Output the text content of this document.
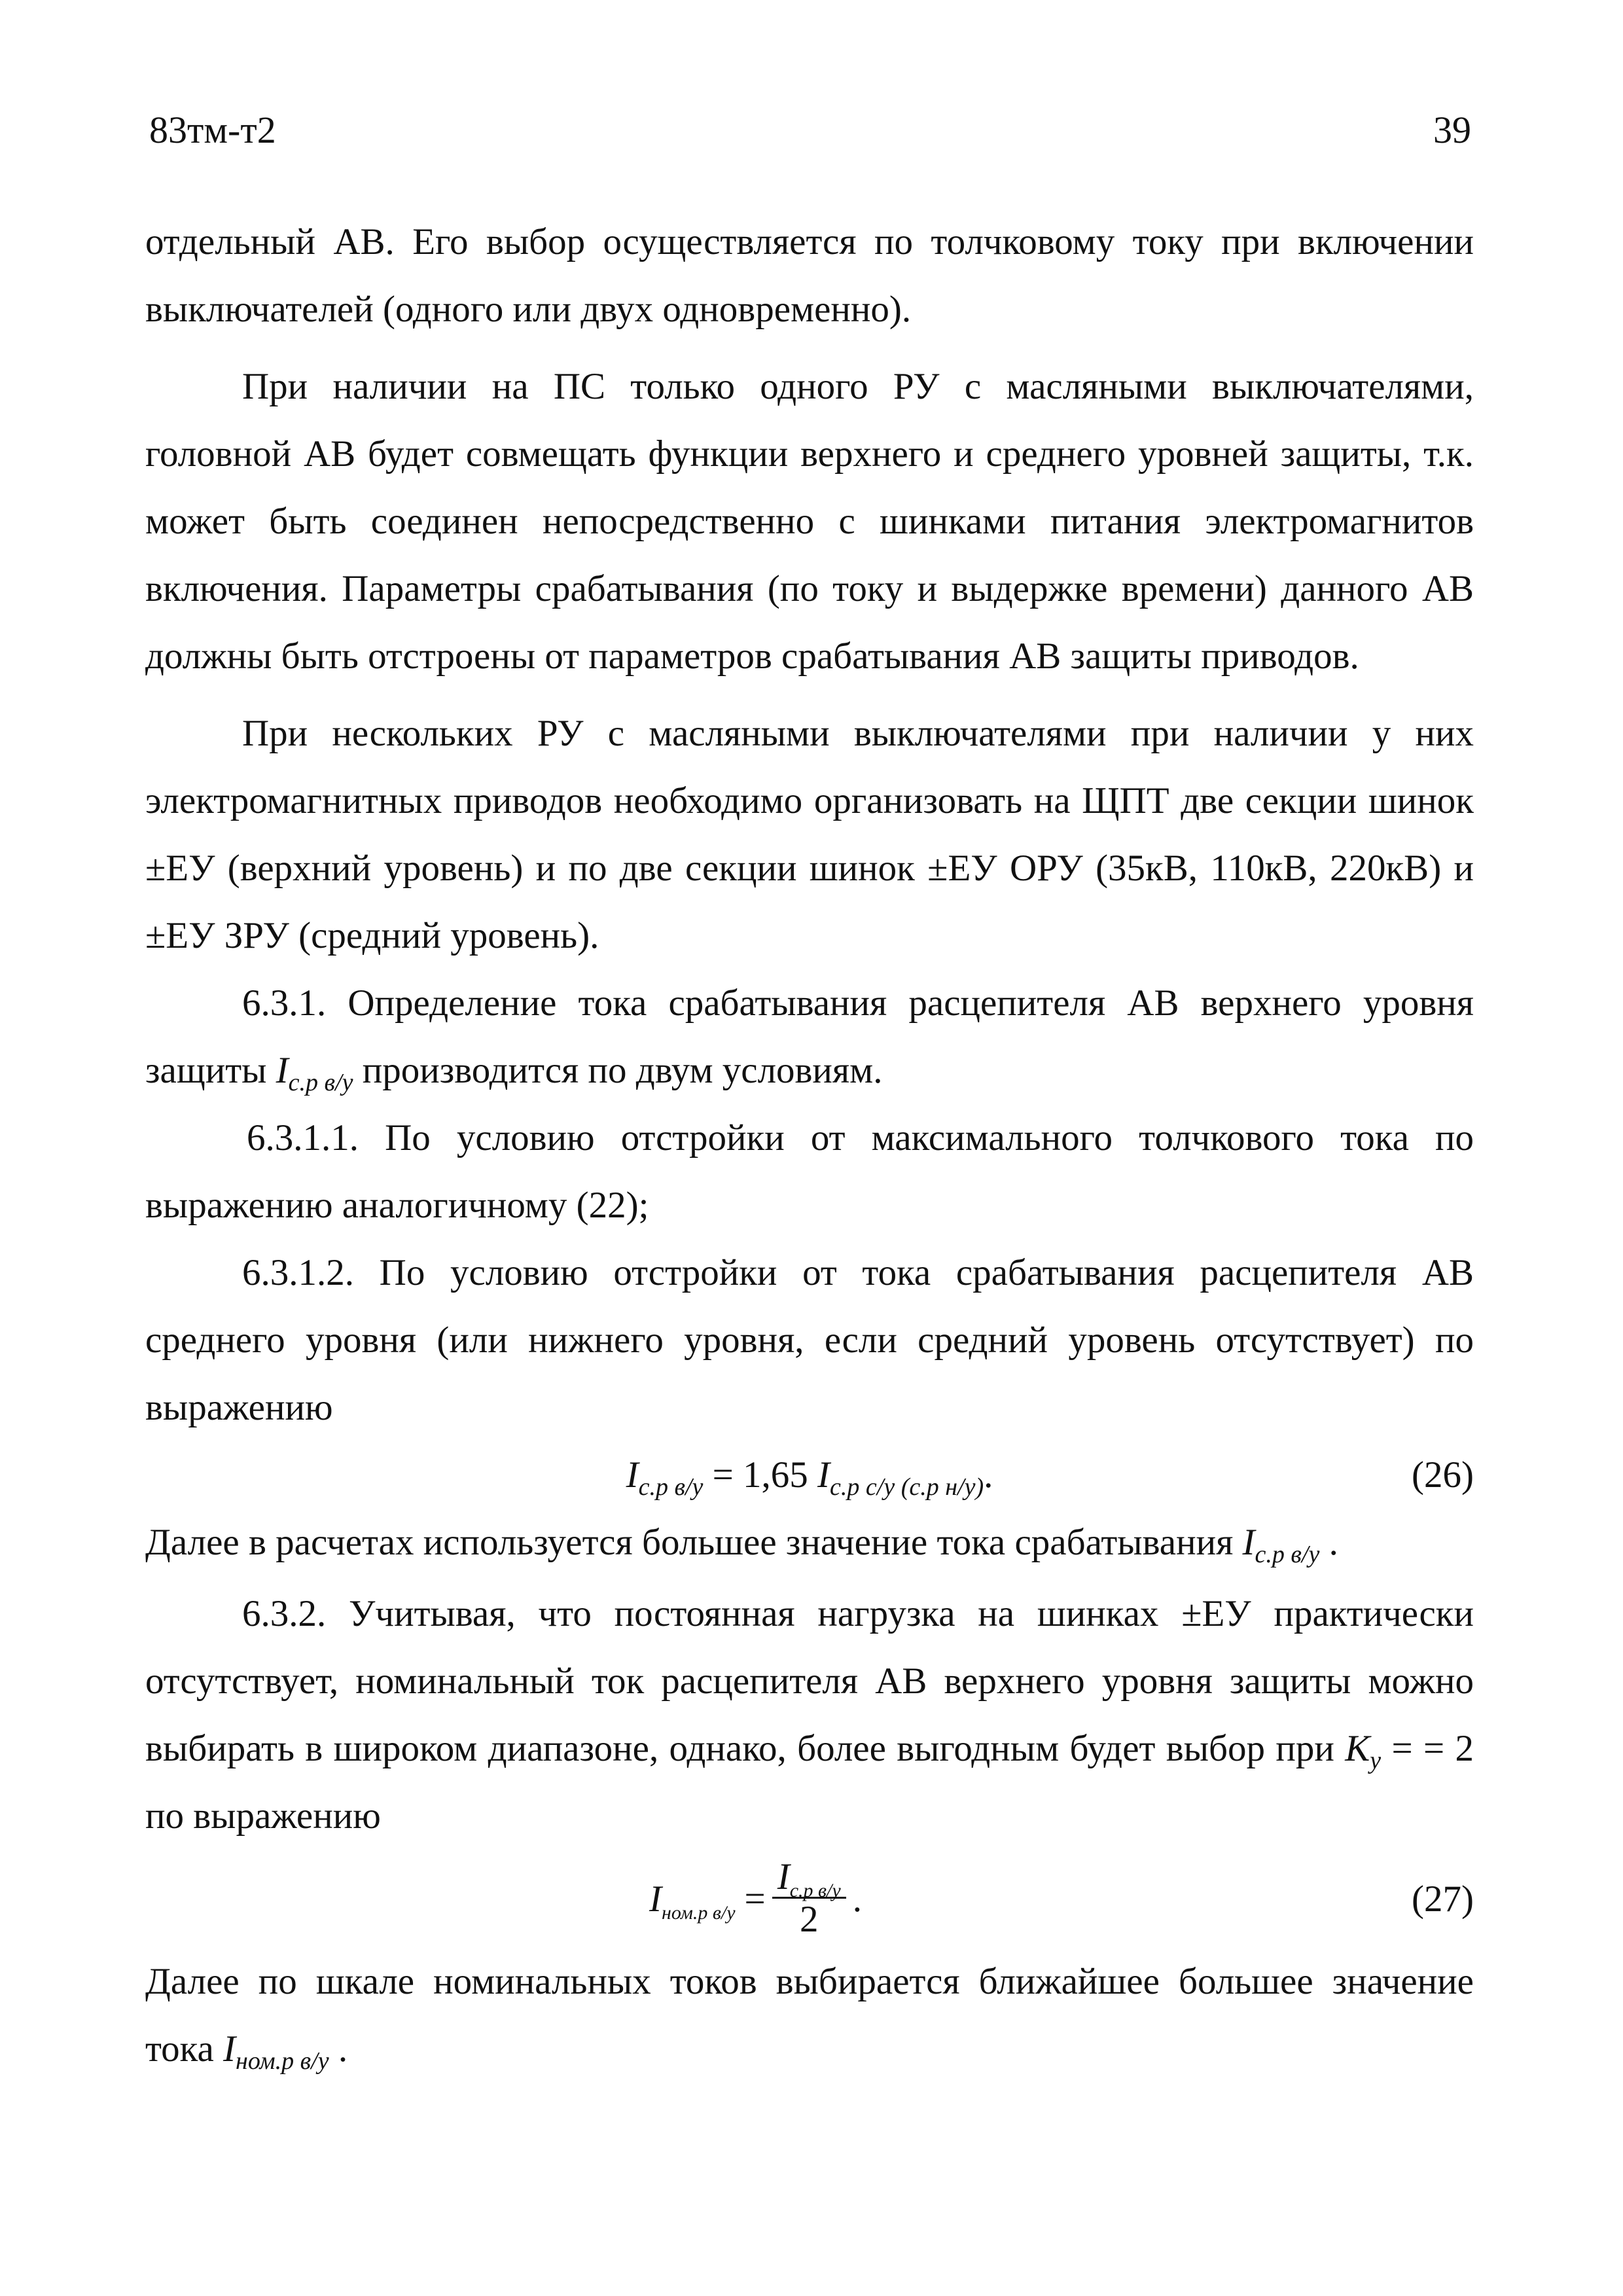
83тм-т2	39

отдельный АВ. Его выбор осуществляется по толчковому току при включении выключателей (одного или двух одновременно).

При наличии на ПС только одного РУ с масляными выключателями, головной АВ будет совмещать функции верхнего и среднего уровней защиты, т.к. может быть соединен непосредственно с шинками питания электромагнитов включения. Параметры срабатывания (по току и выдержке времени) данного АВ должны быть отстроены от параметров срабатывания АВ защиты приводов.

При нескольких РУ с масляными выключателями при наличии у них электромагнитных приводов необходимо организовать на ЩПТ две секции шинок ±ЕУ (верхний уровень) и по две секции шинок ±ЕУ ОРУ (35кВ, 110кВ, 220кВ) и ±ЕУ ЗРУ (средний уровень).

6.3.1. Определение тока срабатывания расцепителя АВ верхнего уровня защиты $I_{с.р в/у}$ производится по двум условиям.

6.3.1.1. По условию отстройки от максимального толчкового тока по выражению аналогичному (22);

6.3.1.2. По условию отстройки от тока срабатывания расцепителя АВ среднего уровня (или нижнего уровня, если средний уровень отсутствует) по выражению

$I_{с.р в/у} = 1,65$ $I_{с.р с/у (с.р н/у)}$.	(26)

Далее в расчетах используется большее значение тока срабатывания $I_{с.р в/у}$ .

6.3.2. Учитывая, что постоянная нагрузка на шинках ±ЕУ практически отсутствует, номинальный ток расцепителя АВ верхнего уровня защиты можно выбирать в широком диапазоне, однако, более выгодным будет выбор при $K_у$ = = 2 по выражению

$I_{ном.р в/у} = \frac{I_{с.р в/у}}{2}$ .	(27)

Далее по шкале номинальных токов выбирается ближайшее большее значение тока $I_{ном.р в/у}$ .
